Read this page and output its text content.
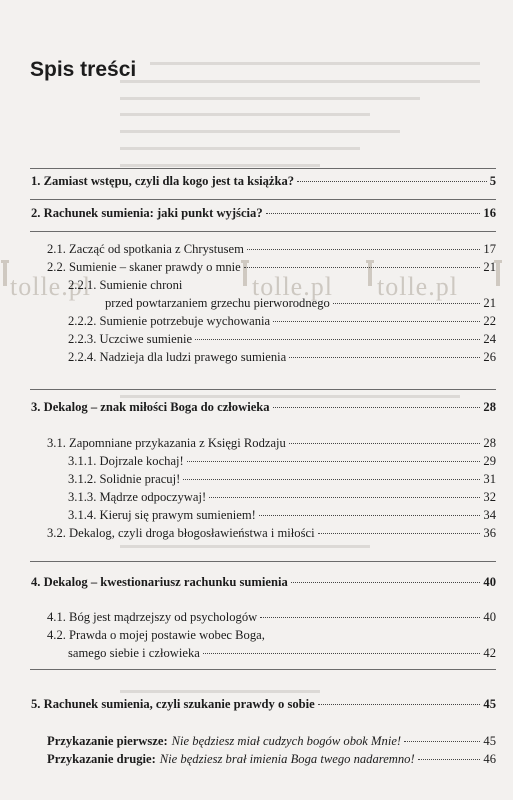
tolle.pl	tolle.pl tolle.pl
Spis treści
1. Zamiast wstępu, czyli dla kogo jest ta książka?	5
2. Rachunek sumienia: jaki punkt wyjścia?	16
2.1. Zacząć od spotkania z Chrystusem	17
2.2. Sumienie – skaner prawdy o mnie	21
2.2.1. Sumienie chroni
przed powtarzaniem grzechu pierworodnego	21
2.2.2. Sumienie potrzebuje wychowania	22
2.2.3. Uczciwe sumienie	24
2.2.4. Nadzieja dla ludzi prawego sumienia	26
3. Dekalog – znak miłości Boga do człowieka	28
3.1. Zapomniane przykazania z Księgi Rodzaju	28
3.1.1. Dojrzale kochaj!	29
3.1.2. Solidnie pracuj!	31
3.1.3. Mądrze odpoczywaj!	32
3.1.4. Kieruj się prawym sumieniem!	34
3.2. Dekalog, czyli droga błogosławieństwa i miłości	36
4. Dekalog – kwestionariusz rachunku sumienia	40
4.1. Bóg jest mądrzejszy od psychologów	40
4.2. Prawda o mojej postawie wobec Boga,
samego siebie i człowieka	42
5. Rachunek sumienia, czyli szukanie prawdy o sobie	45
Przykazanie pierwsze: Nie będziesz miał cudzych bogów obok Mnie!	45
Przykazanie drugie: Nie będziesz brał imienia Boga twego nadaremno!	46
